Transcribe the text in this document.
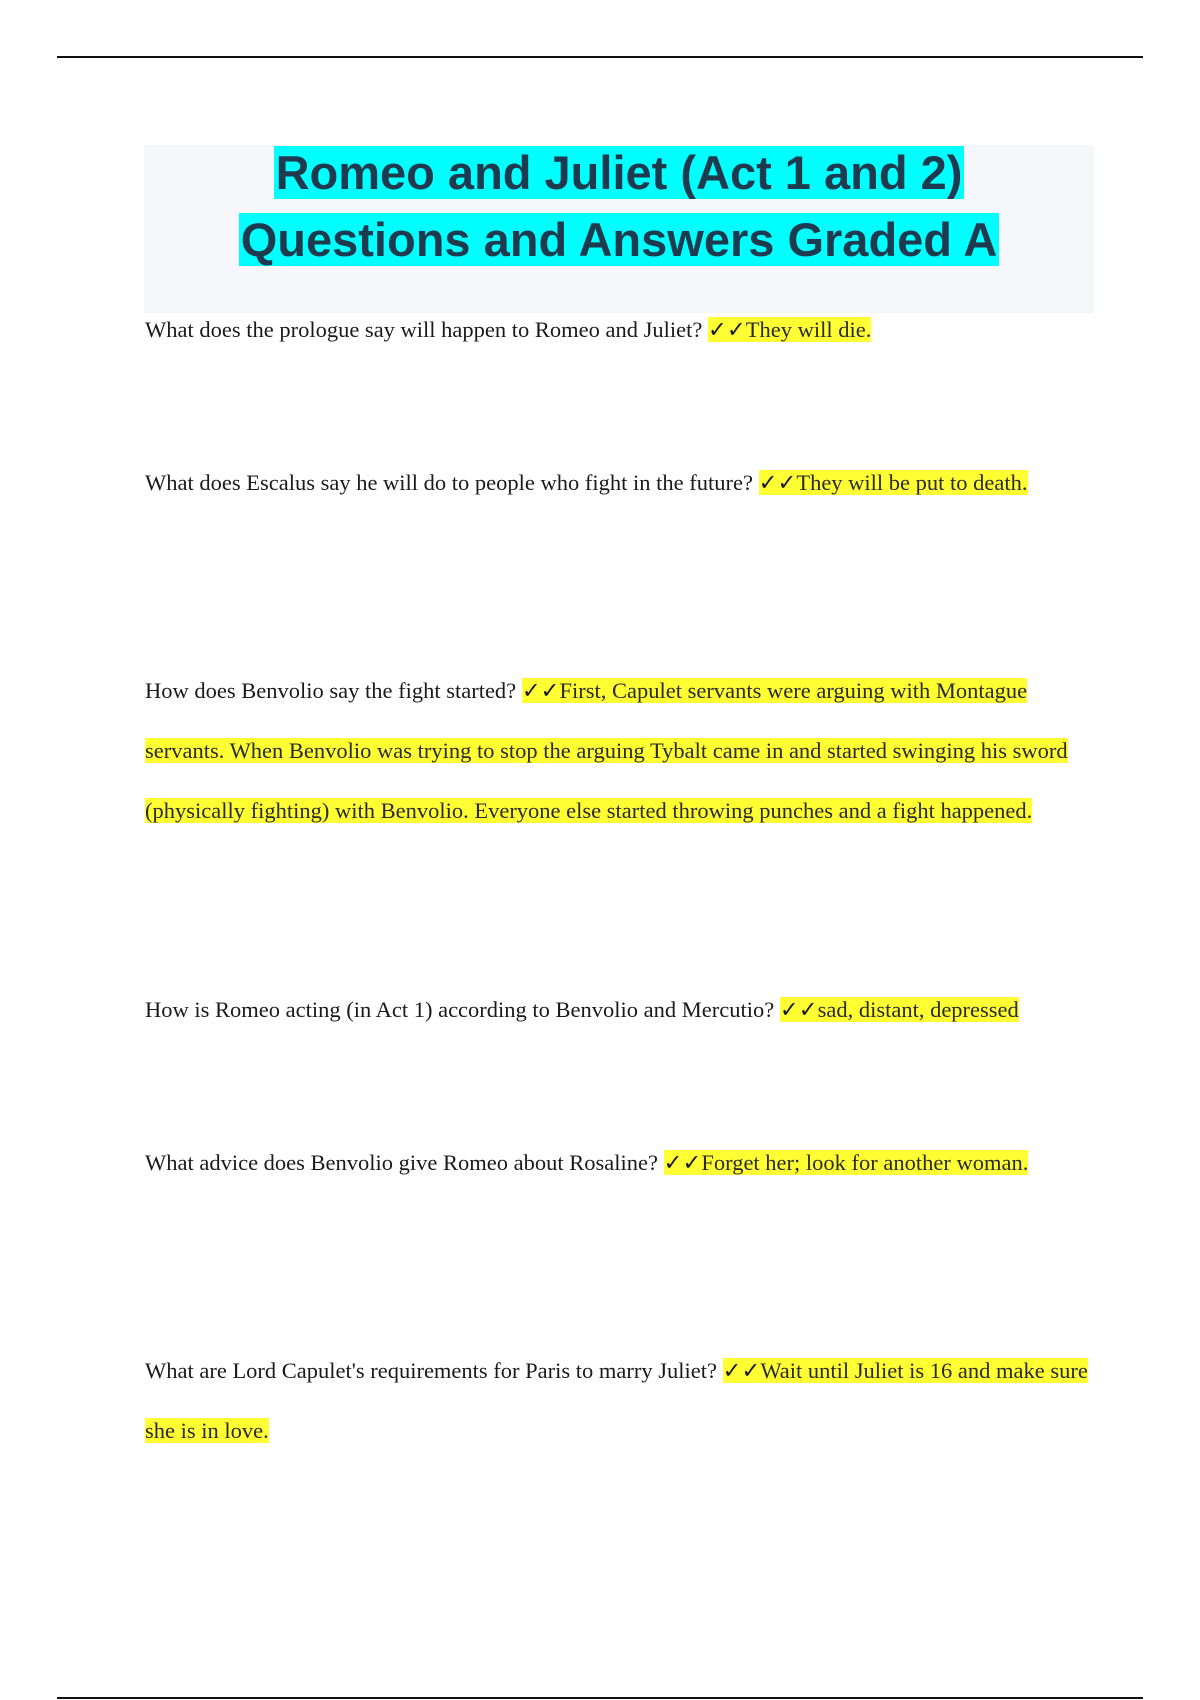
Romeo and Juliet (Act 1 and 2)
Questions and Answers Graded A

What does the prologue say will happen to Romeo and Juliet? ✓✓They will die.

What does Escalus say he will do to people who fight in the future? ✓✓They will be put to death.

How does Benvolio say the fight started? ✓✓First, Capulet servants were arguing with Montague servants. When Benvolio was trying to stop the arguing Tybalt came in and started swinging his sword (physically fighting) with Benvolio. Everyone else started throwing punches and a fight happened.

How is Romeo acting (in Act 1) according to Benvolio and Mercutio? ✓✓sad, distant, depressed

What advice does Benvolio give Romeo about Rosaline? ✓✓Forget her; look for another woman.

What are Lord Capulet's requirements for Paris to marry Juliet? ✓✓Wait until Juliet is 16 and make sure she is in love.
